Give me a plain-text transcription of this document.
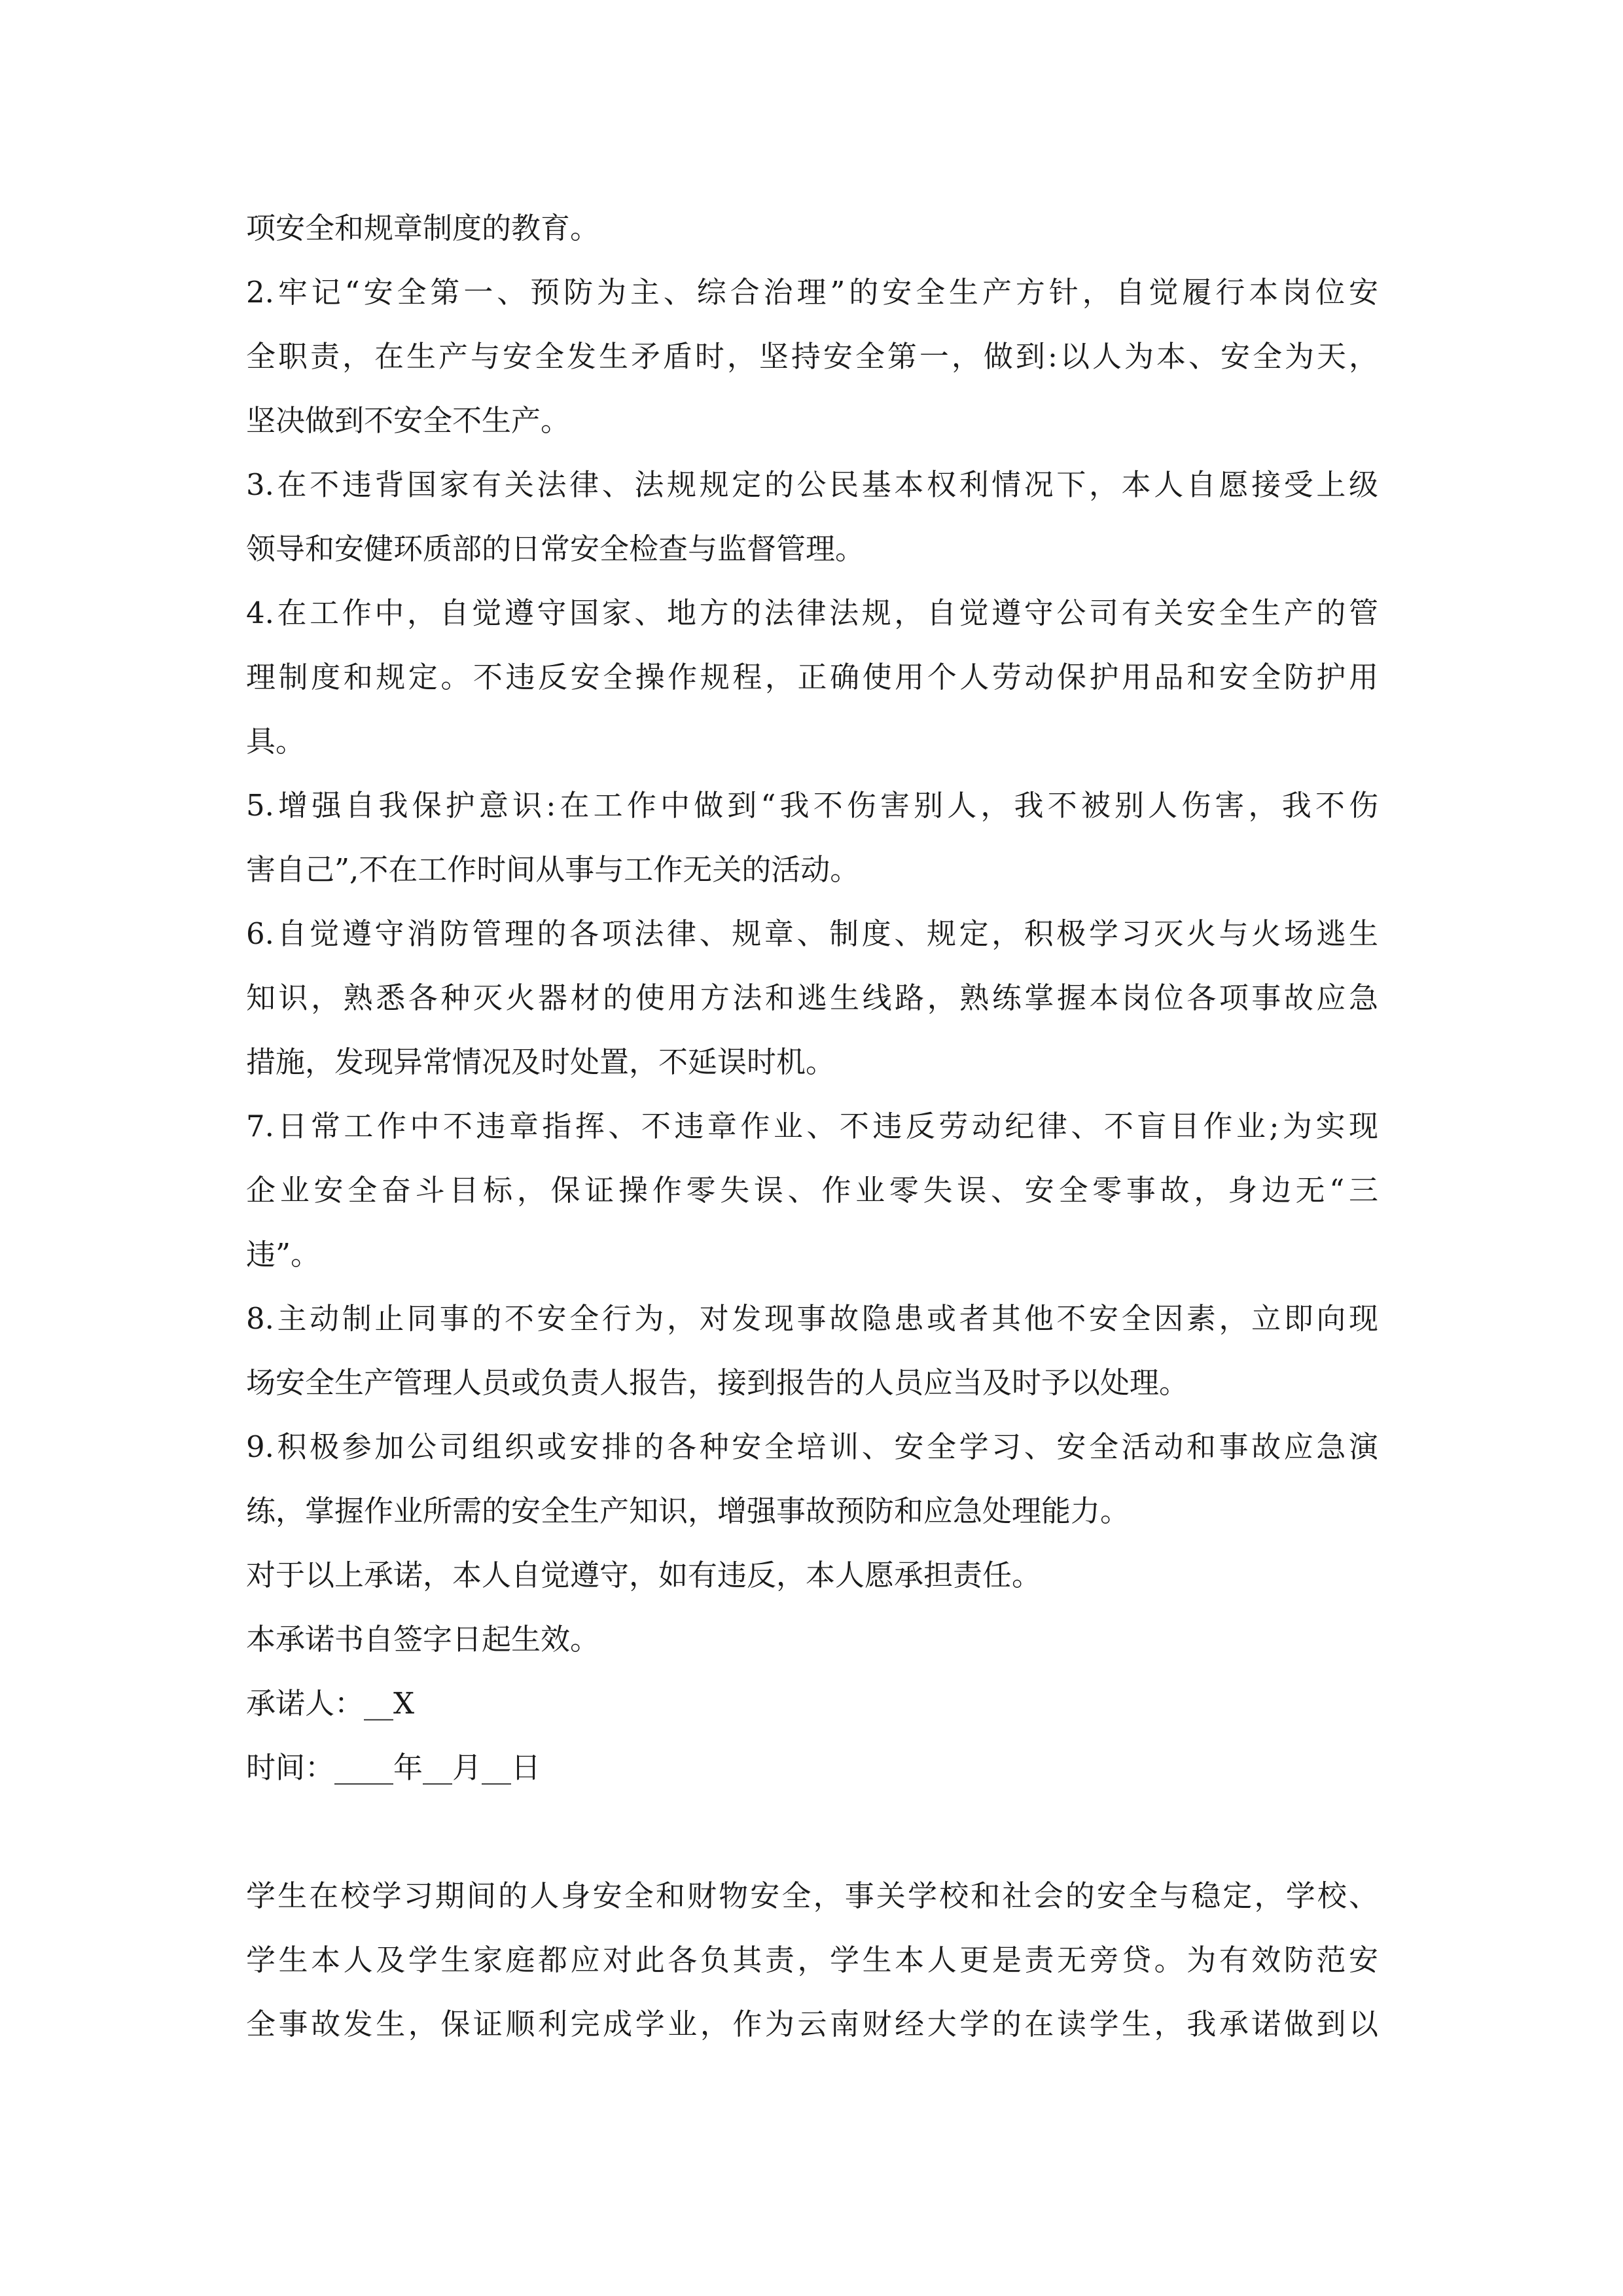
项安全和规章制度的教育。
2.牢记“安全第一、预防为主、综合治理”的安全生产方针，自觉履行本岗位安
全职责，在生产与安全发生矛盾时，坚持安全第一，做到:以人为本、安全为天，
坚决做到不安全不生产。
3.在不违背国家有关法律、法规规定的公民基本权利情况下，本人自愿接受上级
领导和安健环质部的日常安全检查与监督管理。
4.在工作中，自觉遵守国家、地方的法律法规，自觉遵守公司有关安全生产的管
理制度和规定。不违反安全操作规程，正确使用个人劳动保护用品和安全防护用
具。
5.增强自我保护意识:在工作中做到“我不伤害别人，我不被别人伤害，我不伤
害自己”,不在工作时间从事与工作无关的活动。
6.自觉遵守消防管理的各项法律、规章、制度、规定，积极学习灭火与火场逃生
知识，熟悉各种灭火器材的使用方法和逃生线路，熟练掌握本岗位各项事故应急
措施，发现异常情况及时处置，不延误时机。
7.日常工作中不违章指挥、不违章作业、不违反劳动纪律、不盲目作业;为实现
企业安全奋斗目标，保证操作零失误、作业零失误、安全零事故，身边无“三
违”。
8.主动制止同事的不安全行为，对发现事故隐患或者其他不安全因素，立即向现
场安全生产管理人员或负责人报告，接到报告的人员应当及时予以处理。
9.积极参加公司组织或安排的各种安全培训、安全学习、安全活动和事故应急演
练，掌握作业所需的安全生产知识，增强事故预防和应急处理能力。
对于以上承诺，本人自觉遵守，如有违反，本人愿承担责任。
本承诺书自签字日起生效。
承诺人：__X
时间：____年__月__日
学生在校学习期间的人身安全和财物安全，事关学校和社会的安全与稳定，学校、
学生本人及学生家庭都应对此各负其责，学生本人更是责无旁贷。为有效防范安
全事故发生，保证顺利完成学业，作为云南财经大学的在读学生，我承诺做到以
